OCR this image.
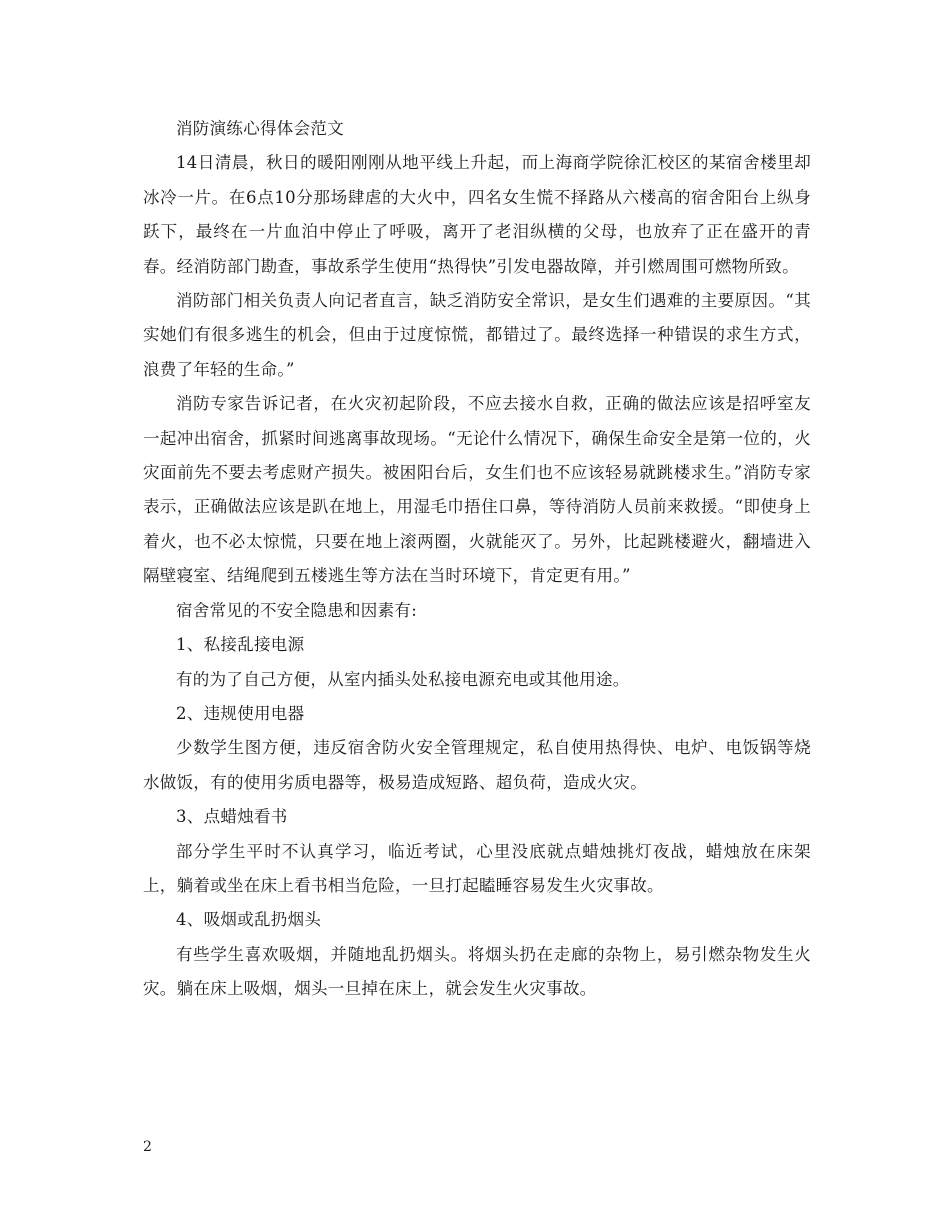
消防演练心得体会范文

14日清晨，秋日的暖阳刚刚从地平线上升起，而上海商学院徐汇校区的某宿舍楼里却冰冷一片。在6点10分那场肆虐的大火中，四名女生慌不择路从六楼高的宿舍阳台上纵身跃下，最终在一片血泊中停止了呼吸，离开了老泪纵横的父母，也放弃了正在盛开的青春。经消防部门勘查，事故系学生使用“热得快”引发电器故障，并引燃周围可燃物所致。

消防部门相关负责人向记者直言，缺乏消防安全常识，是女生们遇难的主要原因。“其实她们有很多逃生的机会，但由于过度惊慌，都错过了。最终选择一种错误的求生方式，浪费了年轻的生命。”

消防专家告诉记者，在火灾初起阶段，不应去接水自救，正确的做法应该是招呼室友一起冲出宿舍，抓紧时间逃离事故现场。“无论什么情况下，确保生命安全是第一位的，火灾面前先不要去考虑财产损失。被困阳台后，女生们也不应该轻易就跳楼求生。”消防专家表示，正确做法应该是趴在地上，用湿毛巾捂住口鼻，等待消防人员前来救援。“即使身上着火，也不必太惊慌，只要在地上滚两圈，火就能灭了。另外，比起跳楼避火，翻墙进入隔壁寝室、结绳爬到五楼逃生等方法在当时环境下，肯定更有用。”

宿舍常见的不安全隐患和因素有:

1、私接乱接电源

有的为了自己方便，从室内插头处私接电源充电或其他用途。

2、违规使用电器

少数学生图方便，违反宿舍防火安全管理规定，私自使用热得快、电炉、电饭锅等烧水做饭，有的使用劣质电器等，极易造成短路、超负荷，造成火灾。

3、点蜡烛看书

部分学生平时不认真学习，临近考试，心里没底就点蜡烛挑灯夜战，蜡烛放在床架上，躺着或坐在床上看书相当危险，一旦打起瞌睡容易发生火灾事故。

4、吸烟或乱扔烟头

有些学生喜欢吸烟，并随地乱扔烟头。将烟头扔在走廊的杂物上，易引燃杂物发生火灾。躺在床上吸烟，烟头一旦掉在床上，就会发生火灾事故。

2
